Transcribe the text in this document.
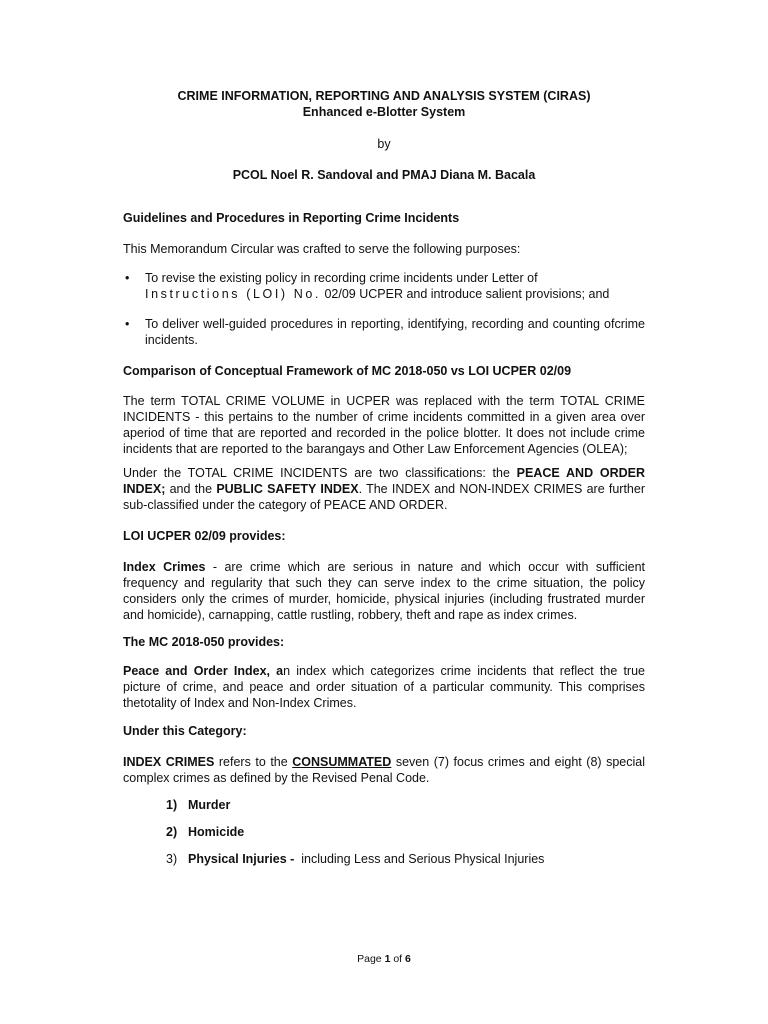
CRIME INFORMATION, REPORTING AND ANALYSIS SYSTEM (CIRAS)
Enhanced e-Blotter System
by
PCOL Noel R. Sandoval and PMAJ Diana M. Bacala
Guidelines and Procedures in Reporting Crime Incidents
This Memorandum Circular was crafted to serve the following purposes:
• To revise the existing policy in recording crime incidents under Letter of
Instructions (LOI) No. 02/09 UCPER and introduce salient provisions; and
• To deliver well-guided procedures in reporting, identifying, recording and counting ofcrime incidents.
Comparison of Conceptual Framework of MC 2018-050 vs LOI UCPER 02/09
The term TOTAL CRIME VOLUME in UCPER was replaced with the term TOTAL CRIME INCIDENTS - this pertains to the number of crime incidents committed in a given area over aperiod of time that are reported and recorded in the police blotter. It does not include crime incidents that are reported to the barangays and Other Law Enforcement Agencies (OLEA);
Under the TOTAL CRIME INCIDENTS are two classifications: the PEACE AND ORDER INDEX; and the PUBLIC SAFETY INDEX. The INDEX and NON-INDEX CRIMES are further sub-classified under the category of PEACE AND ORDER.
LOI UCPER 02/09 provides:
Index Crimes - are crime which are serious in nature and which occur with sufficient frequency and regularity that such they can serve index to the crime situation, the policy considers only the crimes of murder, homicide, physical injuries (including frustrated murder and homicide), carnapping, cattle rustling, robbery, theft and rape as index crimes.
The MC 2018-050 provides:
Peace and Order Index, an index which categorizes crime incidents that reflect the true picture of crime, and peace and order situation of a particular community. This comprises thetotality of Index and Non-Index Crimes.
Under this Category:
INDEX CRIMES refers to the CONSUMMATED seven (7) focus crimes and eight (8) special complex crimes as defined by the Revised Penal Code.
1) Murder
2) Homicide
3) Physical Injuries -  including Less and Serious Physical Injuries
Page 1 of 6
